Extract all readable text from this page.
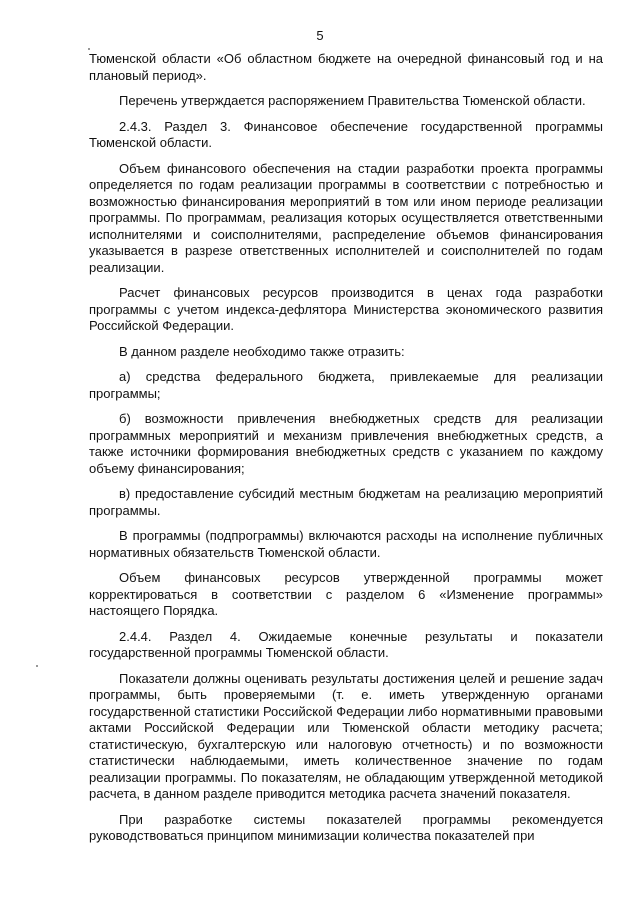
5

Тюменской области «Об областном бюджете на очередной финансовый год и на плановый период».

Перечень утверждается распоряжением Правительства Тюменской области.

2.4.3. Раздел 3. Финансовое обеспечение государственной программы Тюменской области.

Объем финансового обеспечения на стадии разработки проекта программы определяется по годам реализации программы в соответствии с потребностью и возможностью финансирования мероприятий в том или ином периоде реализации программы. По программам, реализация которых осуществляется ответственными исполнителями и соисполнителями, распределение объемов финансирования указывается в разрезе ответственных исполнителей и соисполнителей по годам реализации.

Расчет финансовых ресурсов производится в ценах года разработки программы с учетом индекса-дефлятора Министерства экономического развития Российской Федерации.

В данном разделе необходимо также отразить:

а) средства федерального бюджета, привлекаемые для реализации программы;

б) возможности привлечения внебюджетных средств для реализации программных мероприятий и механизм привлечения внебюджетных средств, а также источники формирования внебюджетных средств с указанием по каждому объему финансирования;

в) предоставление субсидий местным бюджетам на реализацию мероприятий программы.

В программы (подпрограммы) включаются расходы на исполнение публичных нормативных обязательств Тюменской области.

Объем финансовых ресурсов утвержденной программы может корректироваться в соответствии с разделом 6 «Изменение программы» настоящего Порядка.

2.4.4. Раздел 4. Ожидаемые конечные результаты и показатели государственной программы Тюменской области.

Показатели должны оценивать результаты достижения целей и решение задач программы, быть проверяемыми (т. е. иметь утвержденную органами государственной статистики Российской Федерации либо нормативными правовыми актами Российской Федерации или Тюменской области методику расчета; статистическую, бухгалтерскую или налоговую отчетность) и по возможности статистически наблюдаемыми, иметь количественное значение по годам реализации программы. По показателям, не обладающим утвержденной методикой расчета, в данном разделе приводится методика расчета значений показателя.

При разработке системы показателей программы рекомендуется руководствоваться принципом минимизации количества показателей при
